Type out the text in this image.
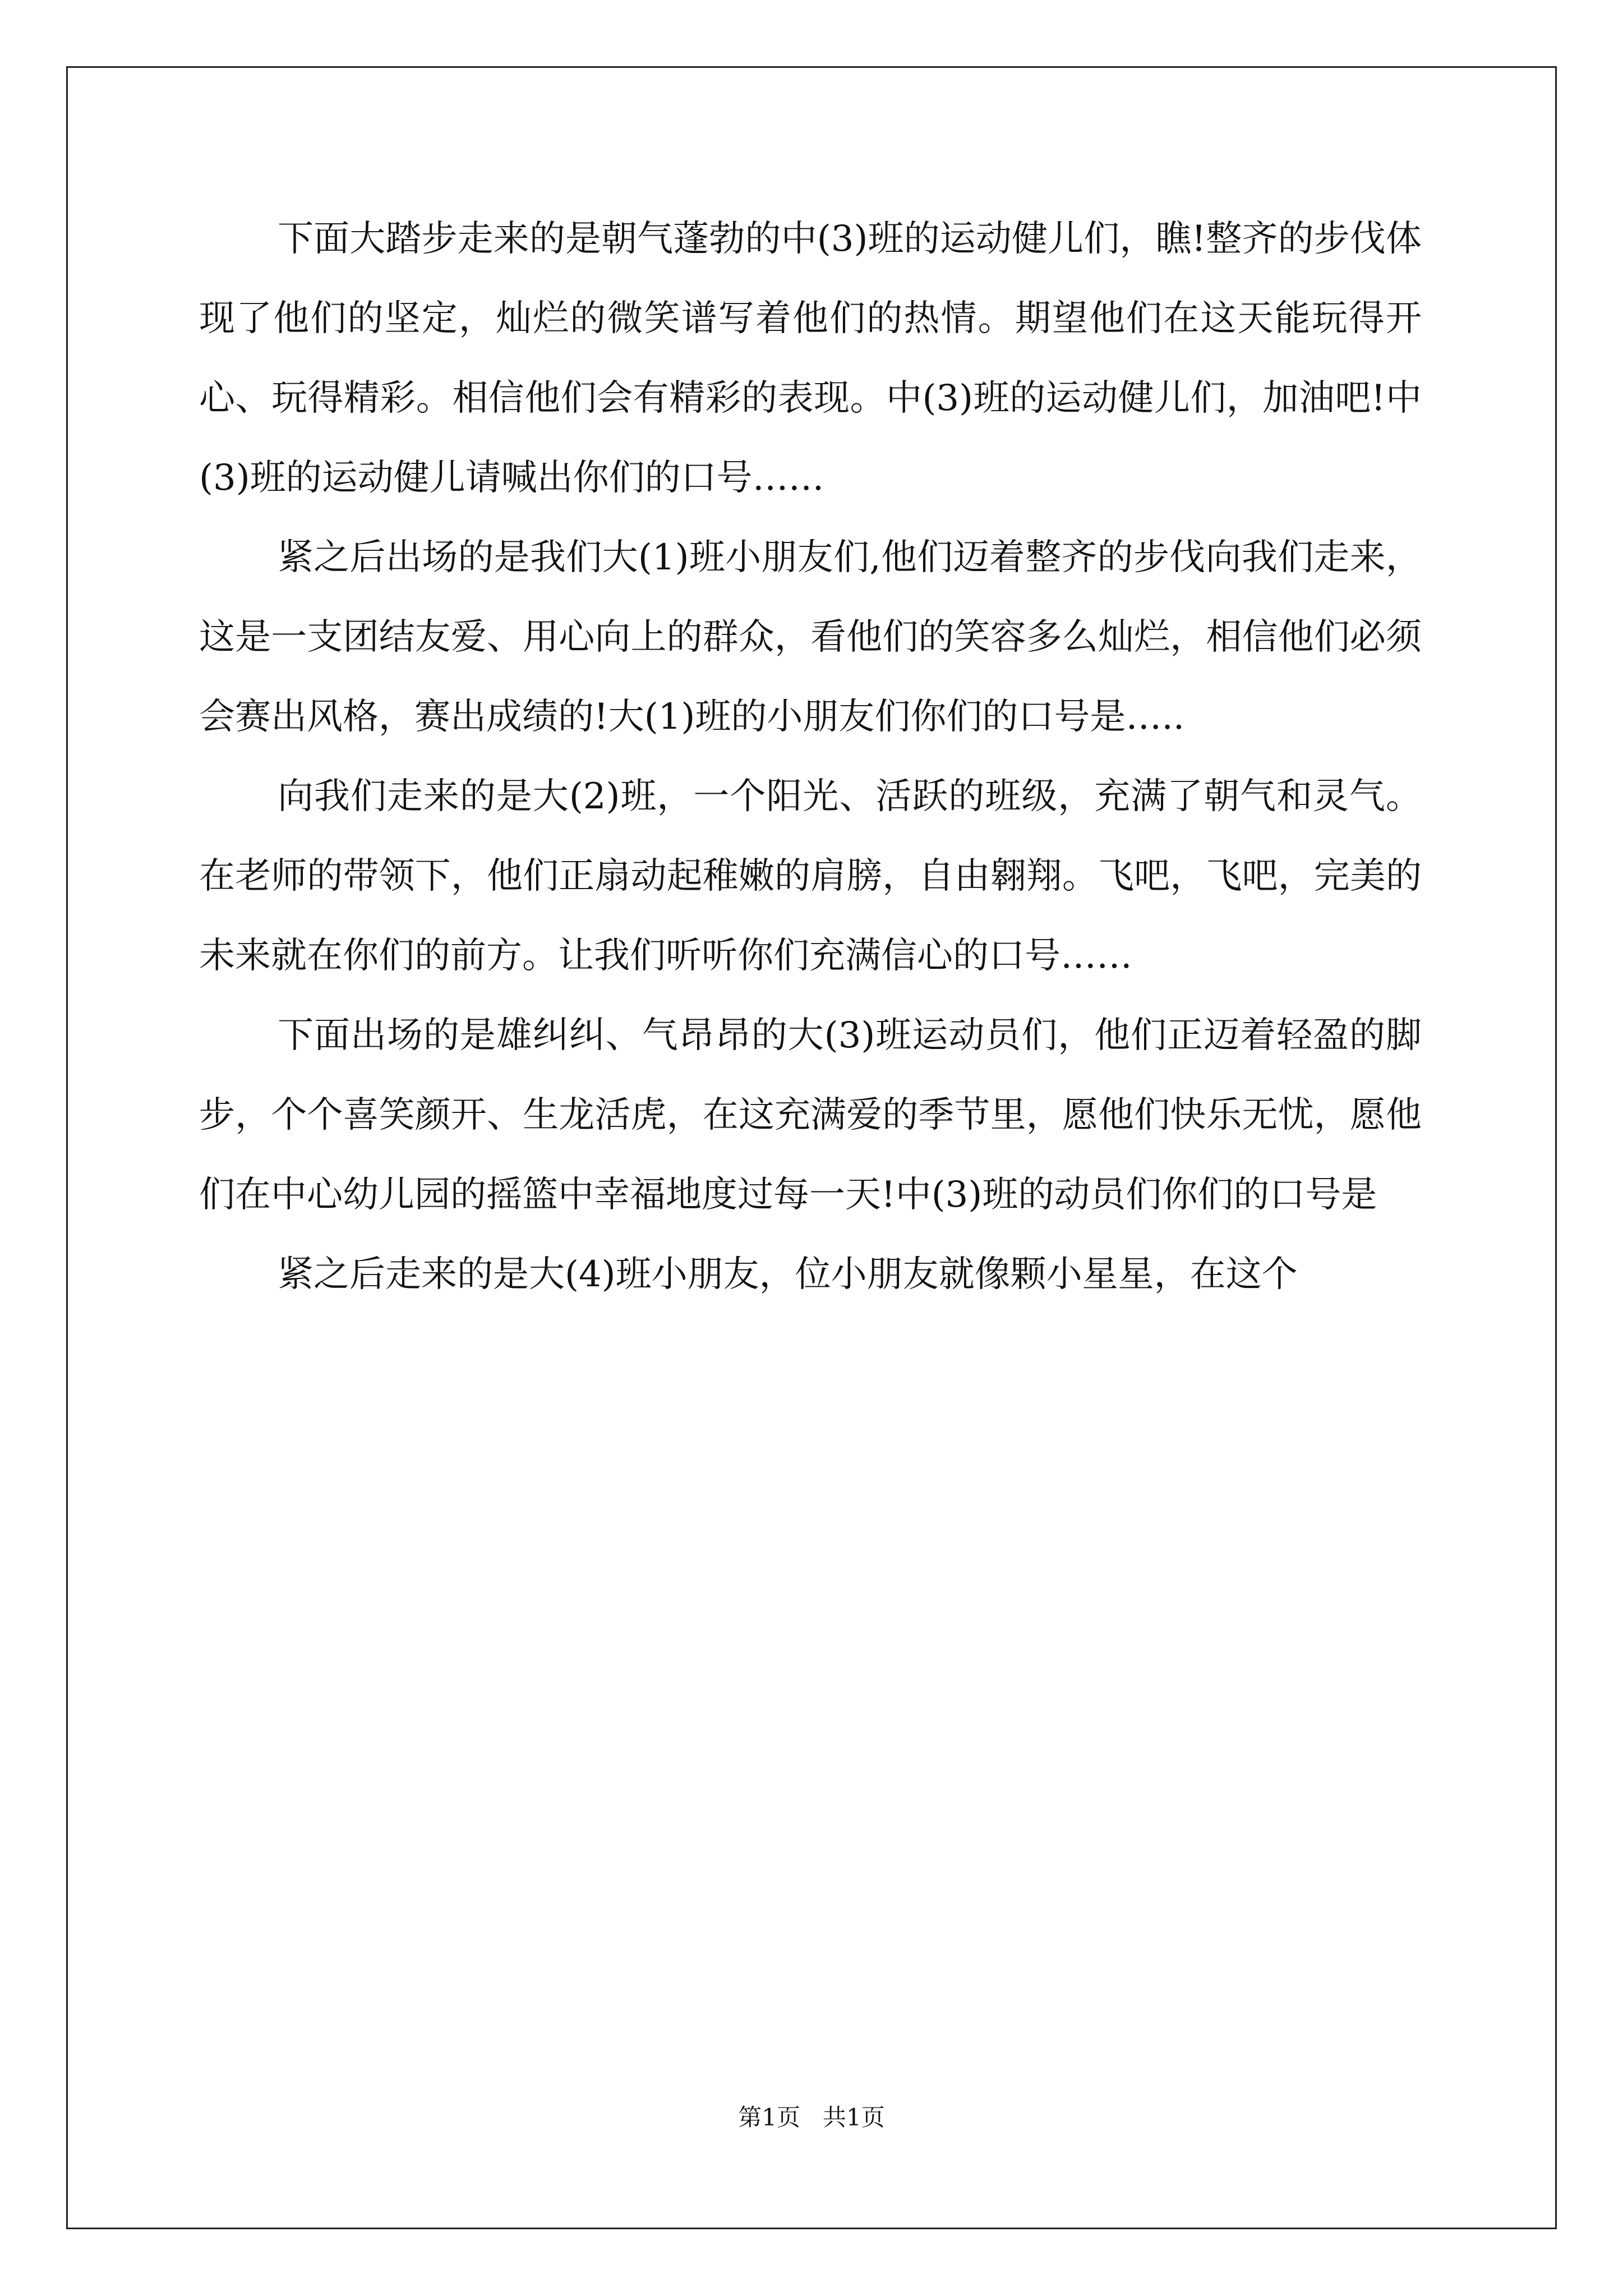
下面大踏步走来的是朝气蓬勃的中(3)班的运动健儿们，瞧!整齐的步伐体现了他们的坚定，灿烂的微笑谱写着他们的热情。期望他们在这天能玩得开心、玩得精彩。相信他们会有精彩的表现。中(3)班的运动健儿们，加油吧!中(3)班的运动健儿请喊出你们的口号……

紧之后出场的是我们大(1)班小朋友们,他们迈着整齐的步伐向我们走来，这是一支团结友爱、用心向上的群众，看他们的笑容多么灿烂，相信他们必须会赛出风格，赛出成绩的!大(1)班的小朋友们你们的口号是…..

向我们走来的是大(2)班，一个阳光、活跃的班级，充满了朝气和灵气。在老师的带领下，他们正扇动起稚嫩的肩膀，自由翱翔。飞吧，飞吧，完美的未来就在你们的前方。让我们听听你们充满信心的口号……

下面出场的是雄纠纠、气昂昂的大(3)班运动员们，他们正迈着轻盈的脚步，个个喜笑颜开、生龙活虎，在这充满爱的季节里，愿他们快乐无忧，愿他们在中心幼儿园的摇篮中幸福地度过每一天!中(3)班的动员们你们的口号是

紧之后走来的是大(4)班小朋友，位小朋友就像颗小星星，在这个

第1页   共1页
